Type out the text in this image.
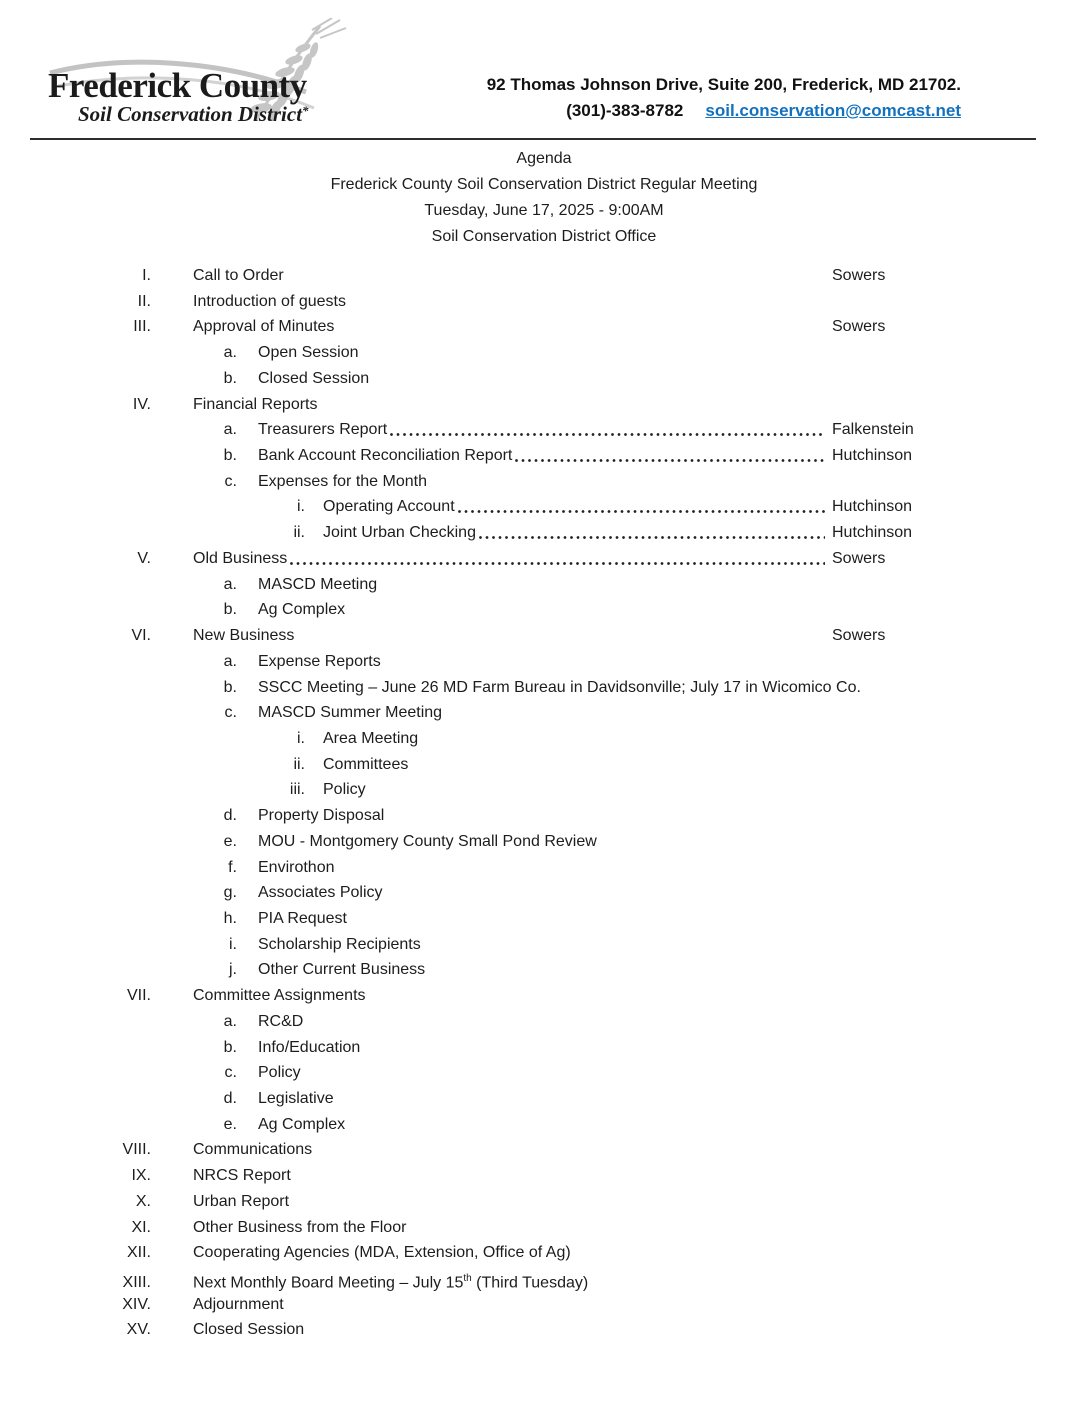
Frederick County
Soil Conservation District*
92 Thomas Johnson Drive, Suite 200, Frederick, MD 21702.
(301)-383-8782 soil.conservation@comcast.net
Agenda
Frederick County Soil Conservation District Regular Meeting
Tuesday, June 17, 2025 - 9:00AM
Soil Conservation District Office
I.	Call to Order	Sowers
II.	Introduction of guests
III.	Approval of Minutes	Sowers
a.	Open Session
b.	Closed Session
IV.	Financial Reports
a.	Treasurers Report	Falkenstein
b.	Bank Account Reconciliation Report	Hutchinson
c.	Expenses for the Month
i.	Operating Account	Hutchinson
ii.	Joint Urban Checking	Hutchinson
V.	Old Business	Sowers
a.	MASCD Meeting
b.	Ag Complex
VI.	New Business	Sowers
a.	Expense Reports
b.	SSCC Meeting – June 26 MD Farm Bureau in Davidsonville; July 17 in Wicomico Co.
c.	MASCD Summer Meeting
i.	Area Meeting
ii.	Committees
iii.	Policy
d.	Property Disposal
e.	MOU - Montgomery County Small Pond Review
f.	Envirothon
g.	Associates Policy
h.	PIA Request
i.	Scholarship Recipients
j.	Other Current Business
VII.	Committee Assignments
a.	RC&D
b.	Info/Education
c.	Policy
d.	Legislative
e.	Ag Complex
VIII.	Communications
IX.	NRCS Report
X.	Urban Report
XI.	Other Business from the Floor
XII.	Cooperating Agencies (MDA, Extension, Office of Ag)
XIII.	Next Monthly Board Meeting – July 15th (Third Tuesday)
XIV.	Adjournment
XV.	Closed Session
